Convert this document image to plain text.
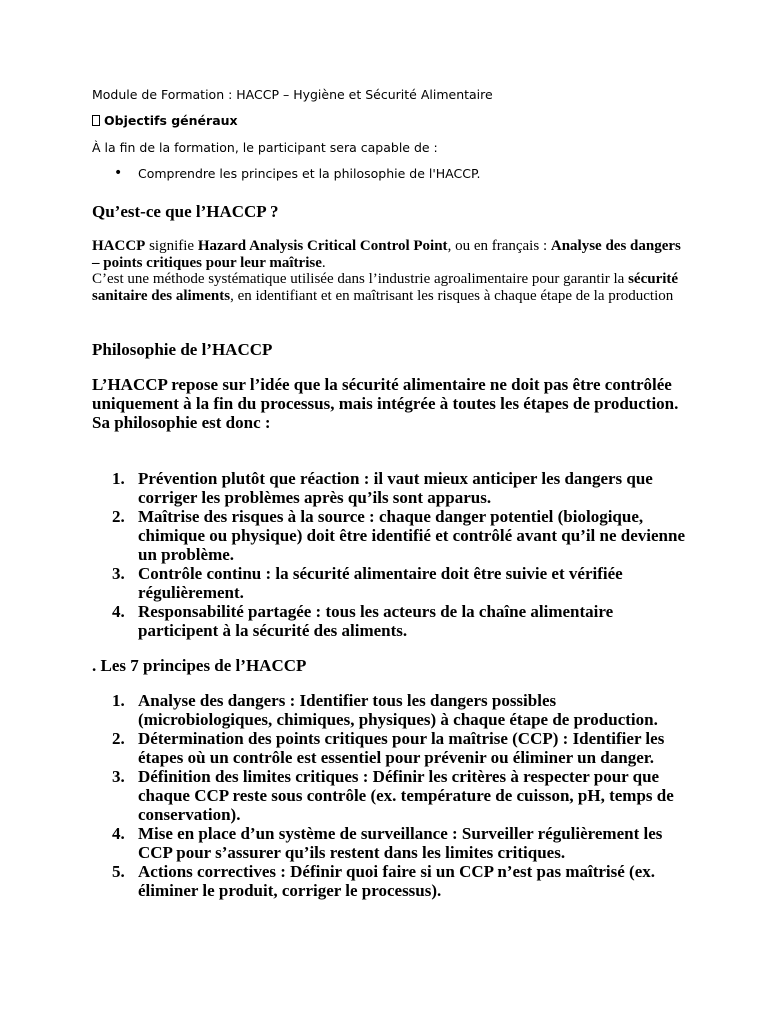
Module de Formation : HACCP – Hygiène et Sécurité Alimentaire

Objectifs généraux

À la fin de la formation, le participant sera capable de :

• Comprendre les principes et la philosophie de l'HACCP.
Qu’est-ce que l’HACCP ?
HACCP signifie Hazard Analysis Critical Control Point, ou en français : Analyse des dangers – points critiques pour leur maîtrise.
C’est une méthode systématique utilisée dans l’industrie agroalimentaire pour garantir la sécurité sanitaire des aliments, en identifiant et en maîtrisant les risques à chaque étape de la production
Philosophie de l’HACCP
L’HACCP repose sur l’idée que la sécurité alimentaire ne doit pas être contrôlée uniquement à la fin du processus, mais intégrée à toutes les étapes de production.
Sa philosophie est donc :
1. Prévention plutôt que réaction : il vaut mieux anticiper les dangers que corriger les problèmes après qu’ils sont apparus.
2. Maîtrise des risques à la source : chaque danger potentiel (biologique, chimique ou physique) doit être identifié et contrôlé avant qu’il ne devienne un problème.
3. Contrôle continu : la sécurité alimentaire doit être suivie et vérifiée régulièrement.
4. Responsabilité partagée : tous les acteurs de la chaîne alimentaire participent à la sécurité des aliments.
. Les 7 principes de l’HACCP
1. Analyse des dangers : Identifier tous les dangers possibles (microbiologiques, chimiques, physiques) à chaque étape de production.
2. Détermination des points critiques pour la maîtrise (CCP) : Identifier les étapes où un contrôle est essentiel pour prévenir ou éliminer un danger.
3. Définition des limites critiques : Définir les critères à respecter pour que chaque CCP reste sous contrôle (ex. température de cuisson, pH, temps de conservation).
4. Mise en place d’un système de surveillance : Surveiller régulièrement les CCP pour s’assurer qu’ils restent dans les limites critiques.
5. Actions correctives : Définir quoi faire si un CCP n’est pas maîtrisé (ex. éliminer le produit, corriger le processus).
